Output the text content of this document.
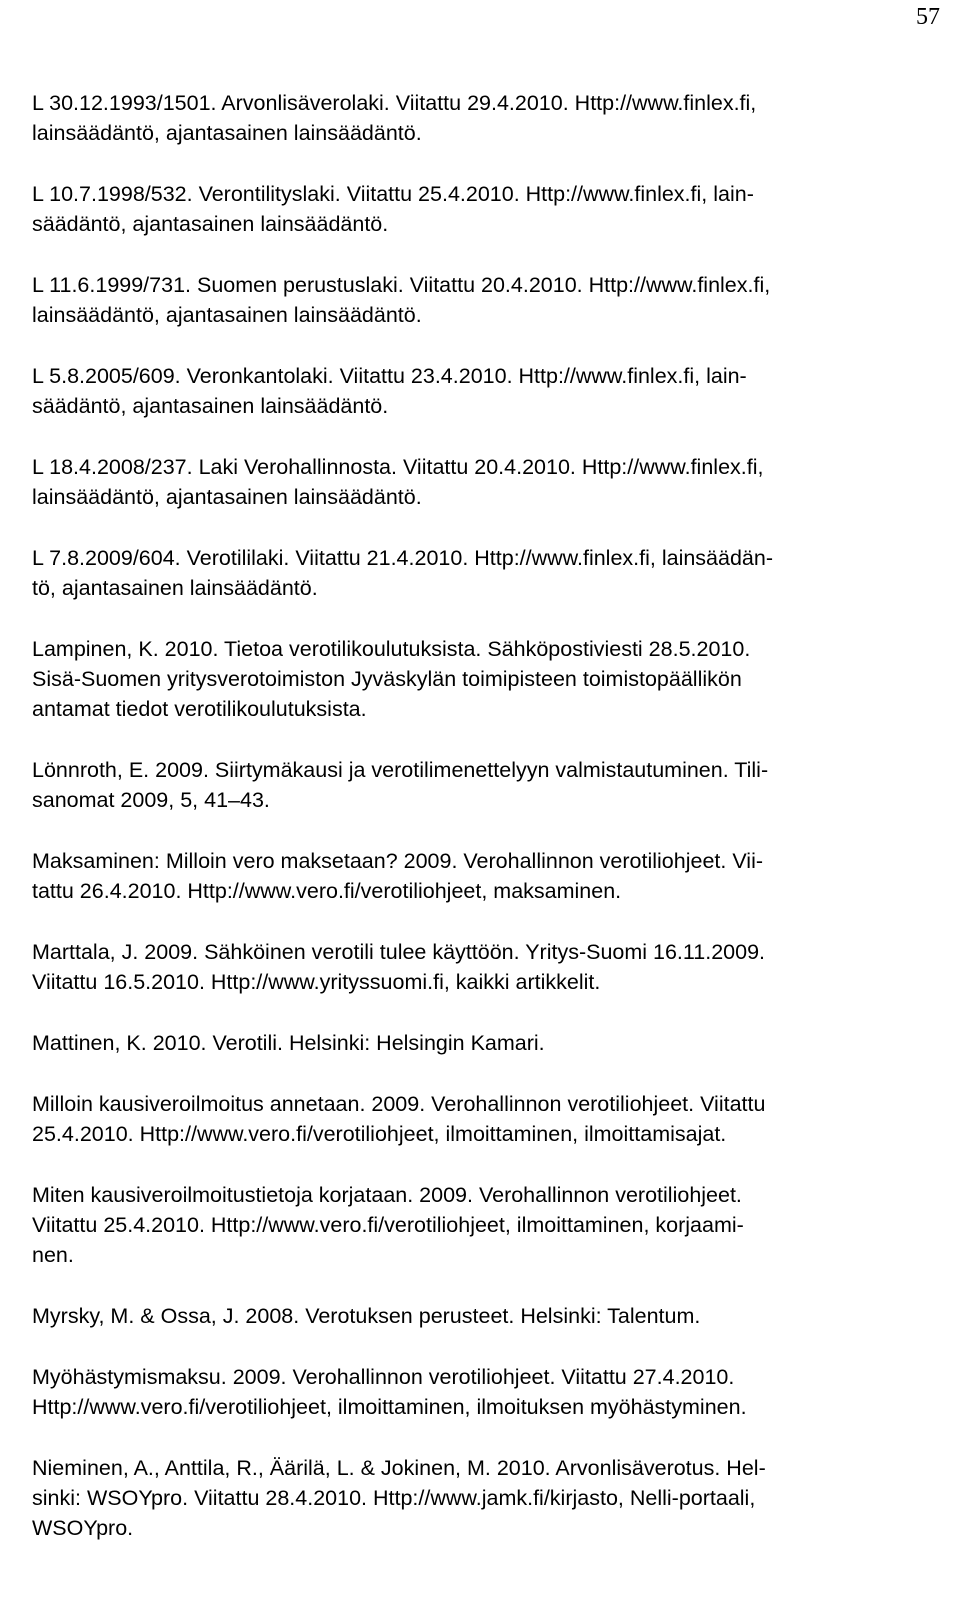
57
L 30.12.1993/1501. Arvonlisäverolaki. Viitattu 29.4.2010. Http://www.finlex.fi,
lainsäädäntö, ajantasainen lainsäädäntö.
L 10.7.1998/532. Verontilityslaki. Viitattu 25.4.2010. Http://www.finlex.fi, lain-
säädäntö, ajantasainen lainsäädäntö.
L 11.6.1999/731. Suomen perustuslaki. Viitattu 20.4.2010. Http://www.finlex.fi,
lainsäädäntö, ajantasainen lainsäädäntö.
L 5.8.2005/609. Veronkantolaki. Viitattu 23.4.2010. Http://www.finlex.fi, lain-
säädäntö, ajantasainen lainsäädäntö.
L 18.4.2008/237. Laki Verohallinnosta. Viitattu 20.4.2010. Http://www.finlex.fi,
lainsäädäntö, ajantasainen lainsäädäntö.
L 7.8.2009/604. Verotililaki. Viitattu 21.4.2010. Http://www.finlex.fi, lainsäädän-
tö, ajantasainen lainsäädäntö.
Lampinen, K. 2010. Tietoa verotilikoulutuksista. Sähköpostiviesti 28.5.2010.
Sisä-Suomen yritysverotoimiston Jyväskylän toimipisteen toimistopäällikön
antamat tiedot verotilikoulutuksista.
Lönnroth, E. 2009. Siirtymäkausi ja verotilimenettelyyn valmistautuminen. Tili-
sanomat 2009, 5, 41–43.
Maksaminen: Milloin vero maksetaan? 2009. Verohallinnon verotiliohjeet. Vii-
tattu 26.4.2010. Http://www.vero.fi/verotiliohjeet, maksaminen.
Marttala, J. 2009. Sähköinen verotili tulee käyttöön. Yritys-Suomi 16.11.2009.
Viitattu 16.5.2010. Http://www.yrityssuomi.fi, kaikki artikkelit.
Mattinen, K. 2010. Verotili. Helsinki: Helsingin Kamari.
Milloin kausiveroilmoitus annetaan. 2009. Verohallinnon verotiliohjeet. Viitattu
25.4.2010. Http://www.vero.fi/verotiliohjeet, ilmoittaminen, ilmoittamisajat.
Miten kausiveroilmoitustietoja korjataan. 2009. Verohallinnon verotiliohjeet.
Viitattu 25.4.2010. Http://www.vero.fi/verotiliohjeet, ilmoittaminen, korjaami-
nen.
Myrsky, M. & Ossa, J. 2008. Verotuksen perusteet. Helsinki: Talentum.
Myöhästymismaksu. 2009. Verohallinnon verotiliohjeet. Viitattu 27.4.2010.
Http://www.vero.fi/verotiliohjeet, ilmoittaminen, ilmoituksen myöhästyminen.
Nieminen, A., Anttila, R., Äärilä, L. & Jokinen, M. 2010. Arvonlisäverotus. Hel-
sinki: WSOYpro. Viitattu 28.4.2010. Http://www.jamk.fi/kirjasto, Nelli-portaali,
WSOYpro.
